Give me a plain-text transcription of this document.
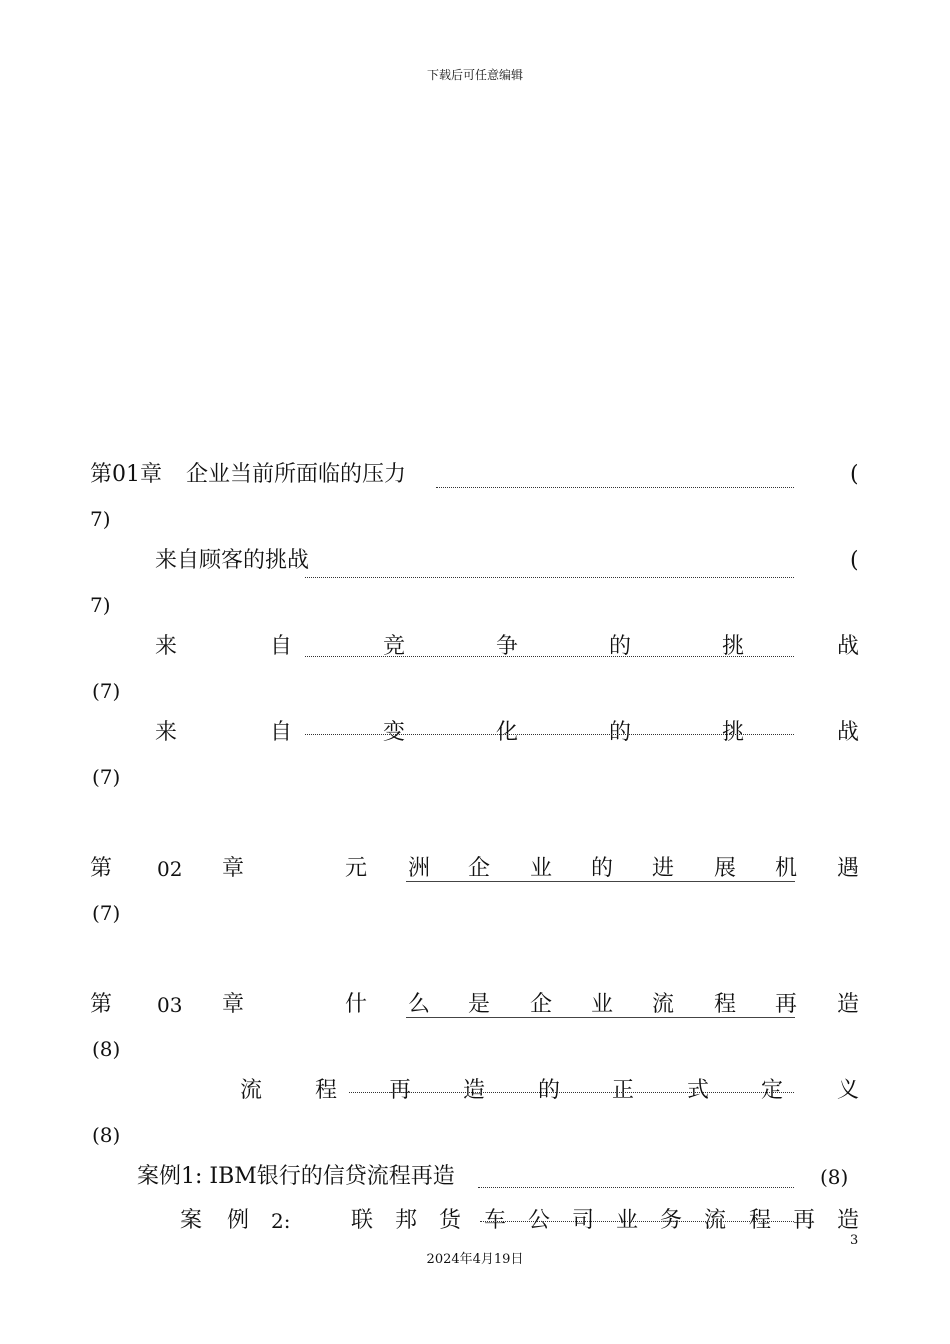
下载后可任意编辑
第01章 企业当前所面临的压力	(
7)
来自顾客的挑战	(
7)
来	自	竞	争	的	挑	战
(7)
来	自	变	化	的	挑	战
(7)
第 02 章	元 洲 企 业 的 进 展 机 遇
(7)
第 03 章	什 么 是 企 业 流 程 再 造
(8)
流 程 再 造 的 正 式 定 义
(8)
案例1: IBM银行的信贷流程再造	(8)
案 例 2:	联 邦 货 车 公 司 业 务 流 程 再 造
3
2024年4月19日
